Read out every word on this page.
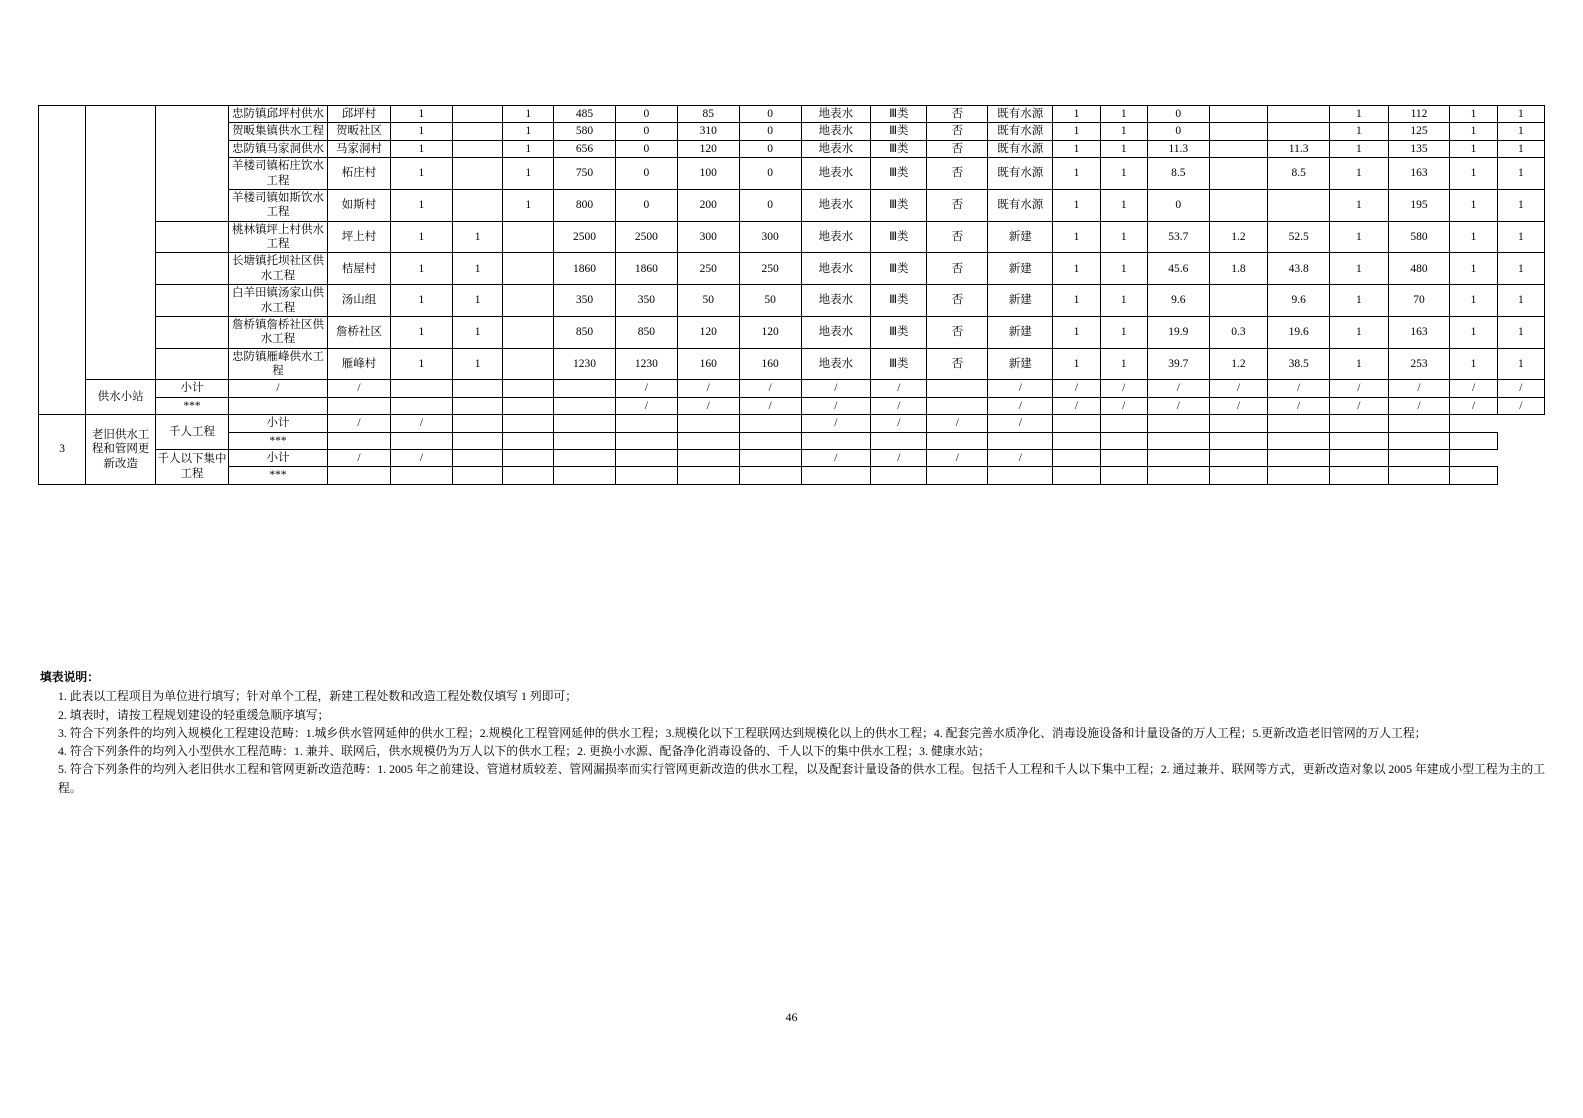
			忠防镇邱坪村供水	邱坪村	1		1	485	0	85	0	地表水	Ⅲ类	否	既有水源	1	1	0			1	112	1	1
			贺畈集镇供水工程	贺畈社区	1		1	580	0	310	0	地表水	Ⅲ类	否	既有水源	1	1	0			1	125	1	1
			忠防镇马家洞供水	马家洞村	1		1	656	0	120	0	地表水	Ⅲ类	否	既有水源	1	1	11.3		11.3	1	135	1	1
			羊楼司镇柘庄饮水工程	柘庄村	1		1	750	0	100	0	地表水	Ⅲ类	否	既有水源	1	1	8.5		8.5	1	163	1	1
			羊楼司镇如斯饮水工程	如斯村	1		1	800	0	200	0	地表水	Ⅲ类	否	既有水源	1	1	0			1	195	1	1
			桃林镇坪上村供水工程	坪上村	1	1		2500	2500	300	300	地表水	Ⅲ类	否	新建	1	1	53.7	1.2	52.5	1	580	1	1
			长塘镇托坝社区供水工程	桔屋村	1	1		1860	1860	250	250	地表水	Ⅲ类	否	新建	1	1	45.6	1.8	43.8	1	480	1	1
			白羊田镇汤家山供水工程	汤山组	1	1		350	350	50	50	地表水	Ⅲ类	否	新建	1	1	9.6		9.6	1	70	1	1
			詹桥镇詹桥社区供水工程	詹桥社区	1	1		850	850	120	120	地表水	Ⅲ类	否	新建	1	1	19.9	0.3	19.6	1	163	1	1
			忠防镇雁峰供水工程	雁峰村	1	1		1230	1230	160	160	地表水	Ⅲ类	否	新建	1	1	39.7	1.2	38.5	1	253	1	1
	供水小站	小计	/	/					/	/	/	/	/		/	/	/	/	/	/	/	/	/	/
		***							/	/	/	/	/		/	/	/	/	/	/	/	/	/	/
3	老旧供水工程和管网更新改造	千人工程	小计	/	/							/	/	/	/									
			***																					
		千人以下集中工程	小计	/	/							/	/	/	/									
			***																					
填表说明：
1. 此表以工程项目为单位进行填写；针对单个工程，新建工程处数和改造工程处数仅填写 1 列即可；
2. 填表时，请按工程规划建设的轻重缓急顺序填写；
3. 符合下列条件的均列入规模化工程建设范畴：1.城乡供水管网延伸的供水工程；2.规模化工程管网延伸的供水工程；3.规模化以下工程联网达到规模化以上的供水工程；4. 配套完善水质净化、消毒设施设备和计量设备的万人工程；5.更新改造老旧管网的万人工程；
4. 符合下列条件的均列入小型供水工程范畴：1. 兼并、联网后，供水规模仍为万人以下的供水工程；2. 更换小水源、配备净化消毒设备的、千人以下的集中供水工程；3. 健康水站；
5. 符合下列条件的均列入老旧供水工程和管网更新改造范畴：1. 2005 年之前建设、管道材质较差、管网漏损率而实行管网更新改造的供水工程，以及配套计量设备的供水工程。包括千人工程和千人以下集中工程；2. 通过兼并、联网等方式，更新改造对象以 2005 年建成小型工程为主的工程。
46
